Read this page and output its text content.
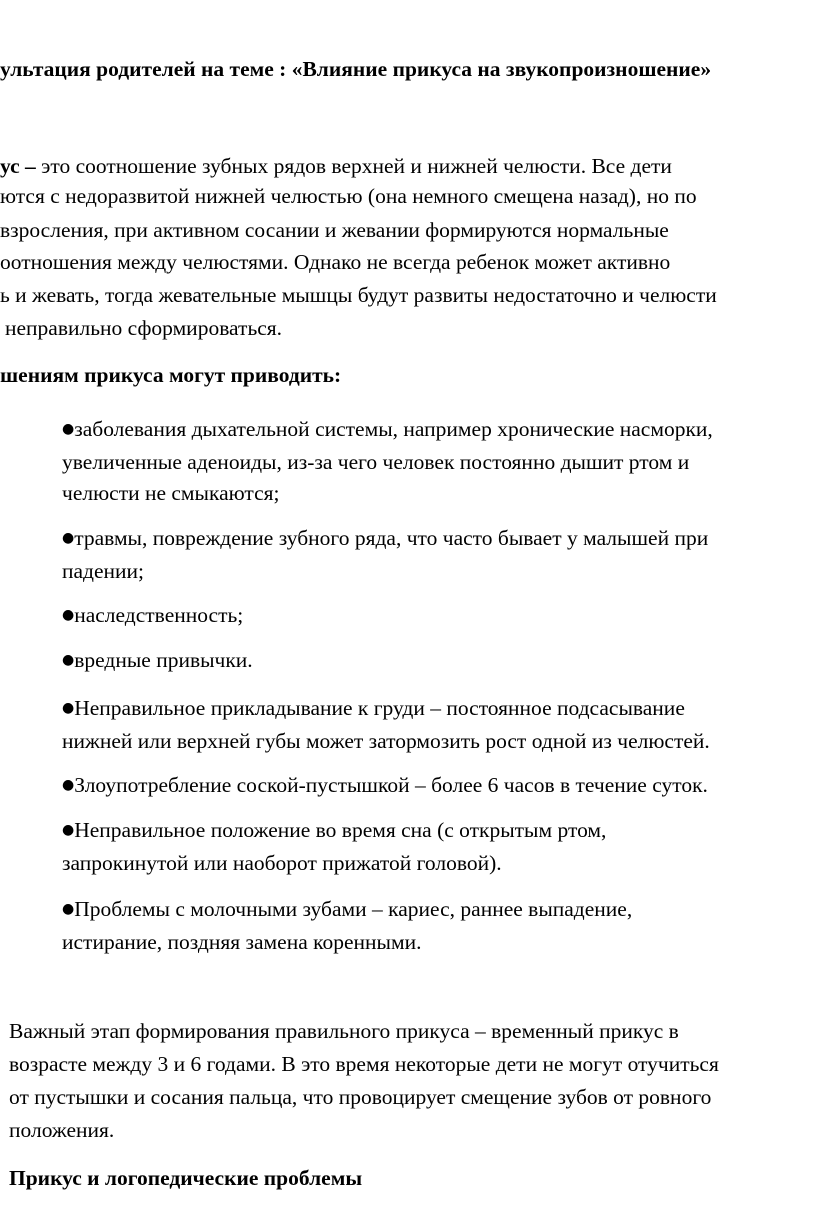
ультация родителей на теме : «Влияние прикуса на звукопроизношение»
ус – это соотношение зубных рядов верхней и нижней челюсти. Все дети
ются с недоразвитой нижней челюстью (она немного смещена назад), но по
взросления, при активном сосании и жевании формируются нормальные
оотношения между челюстями. Однако не всегда ребенок может активно
ь и жевать, тогда жевательные мышцы будут развиты недостаточно и челюсти
неправильно сформироваться.
шениям прикуса могут приводить:
●заболевания дыхательной системы, например хронические насморки,
увеличенные аденоиды, из-за чего человек постоянно дышит ртом и
челюсти не смыкаются;
●травмы, повреждение зубного ряда, что часто бывает у малышей при
падении;
●наследственность;
●вредные привычки.
●Неправильное прикладывание к груди – постоянное подсасывание
нижней или верхней губы может затормозить рост одной из челюстей.
●Злоупотребление соской-пустышкой – более 6 часов в течение суток.
●Неправильное положение во время сна (с открытым ртом,
запрокинутой или наоборот прижатой головой).
●Проблемы с молочными зубами – кариес, раннее выпадение,
истирание, поздняя замена коренными.
Важный этап формирования правильного прикуса – временный прикус в
возрасте между 3 и 6 годами. В это время некоторые дети не могут отучиться
от пустышки и сосания пальца, что провоцирует смещение зубов от ровного
положения.
Прикус и логопедические проблемы
